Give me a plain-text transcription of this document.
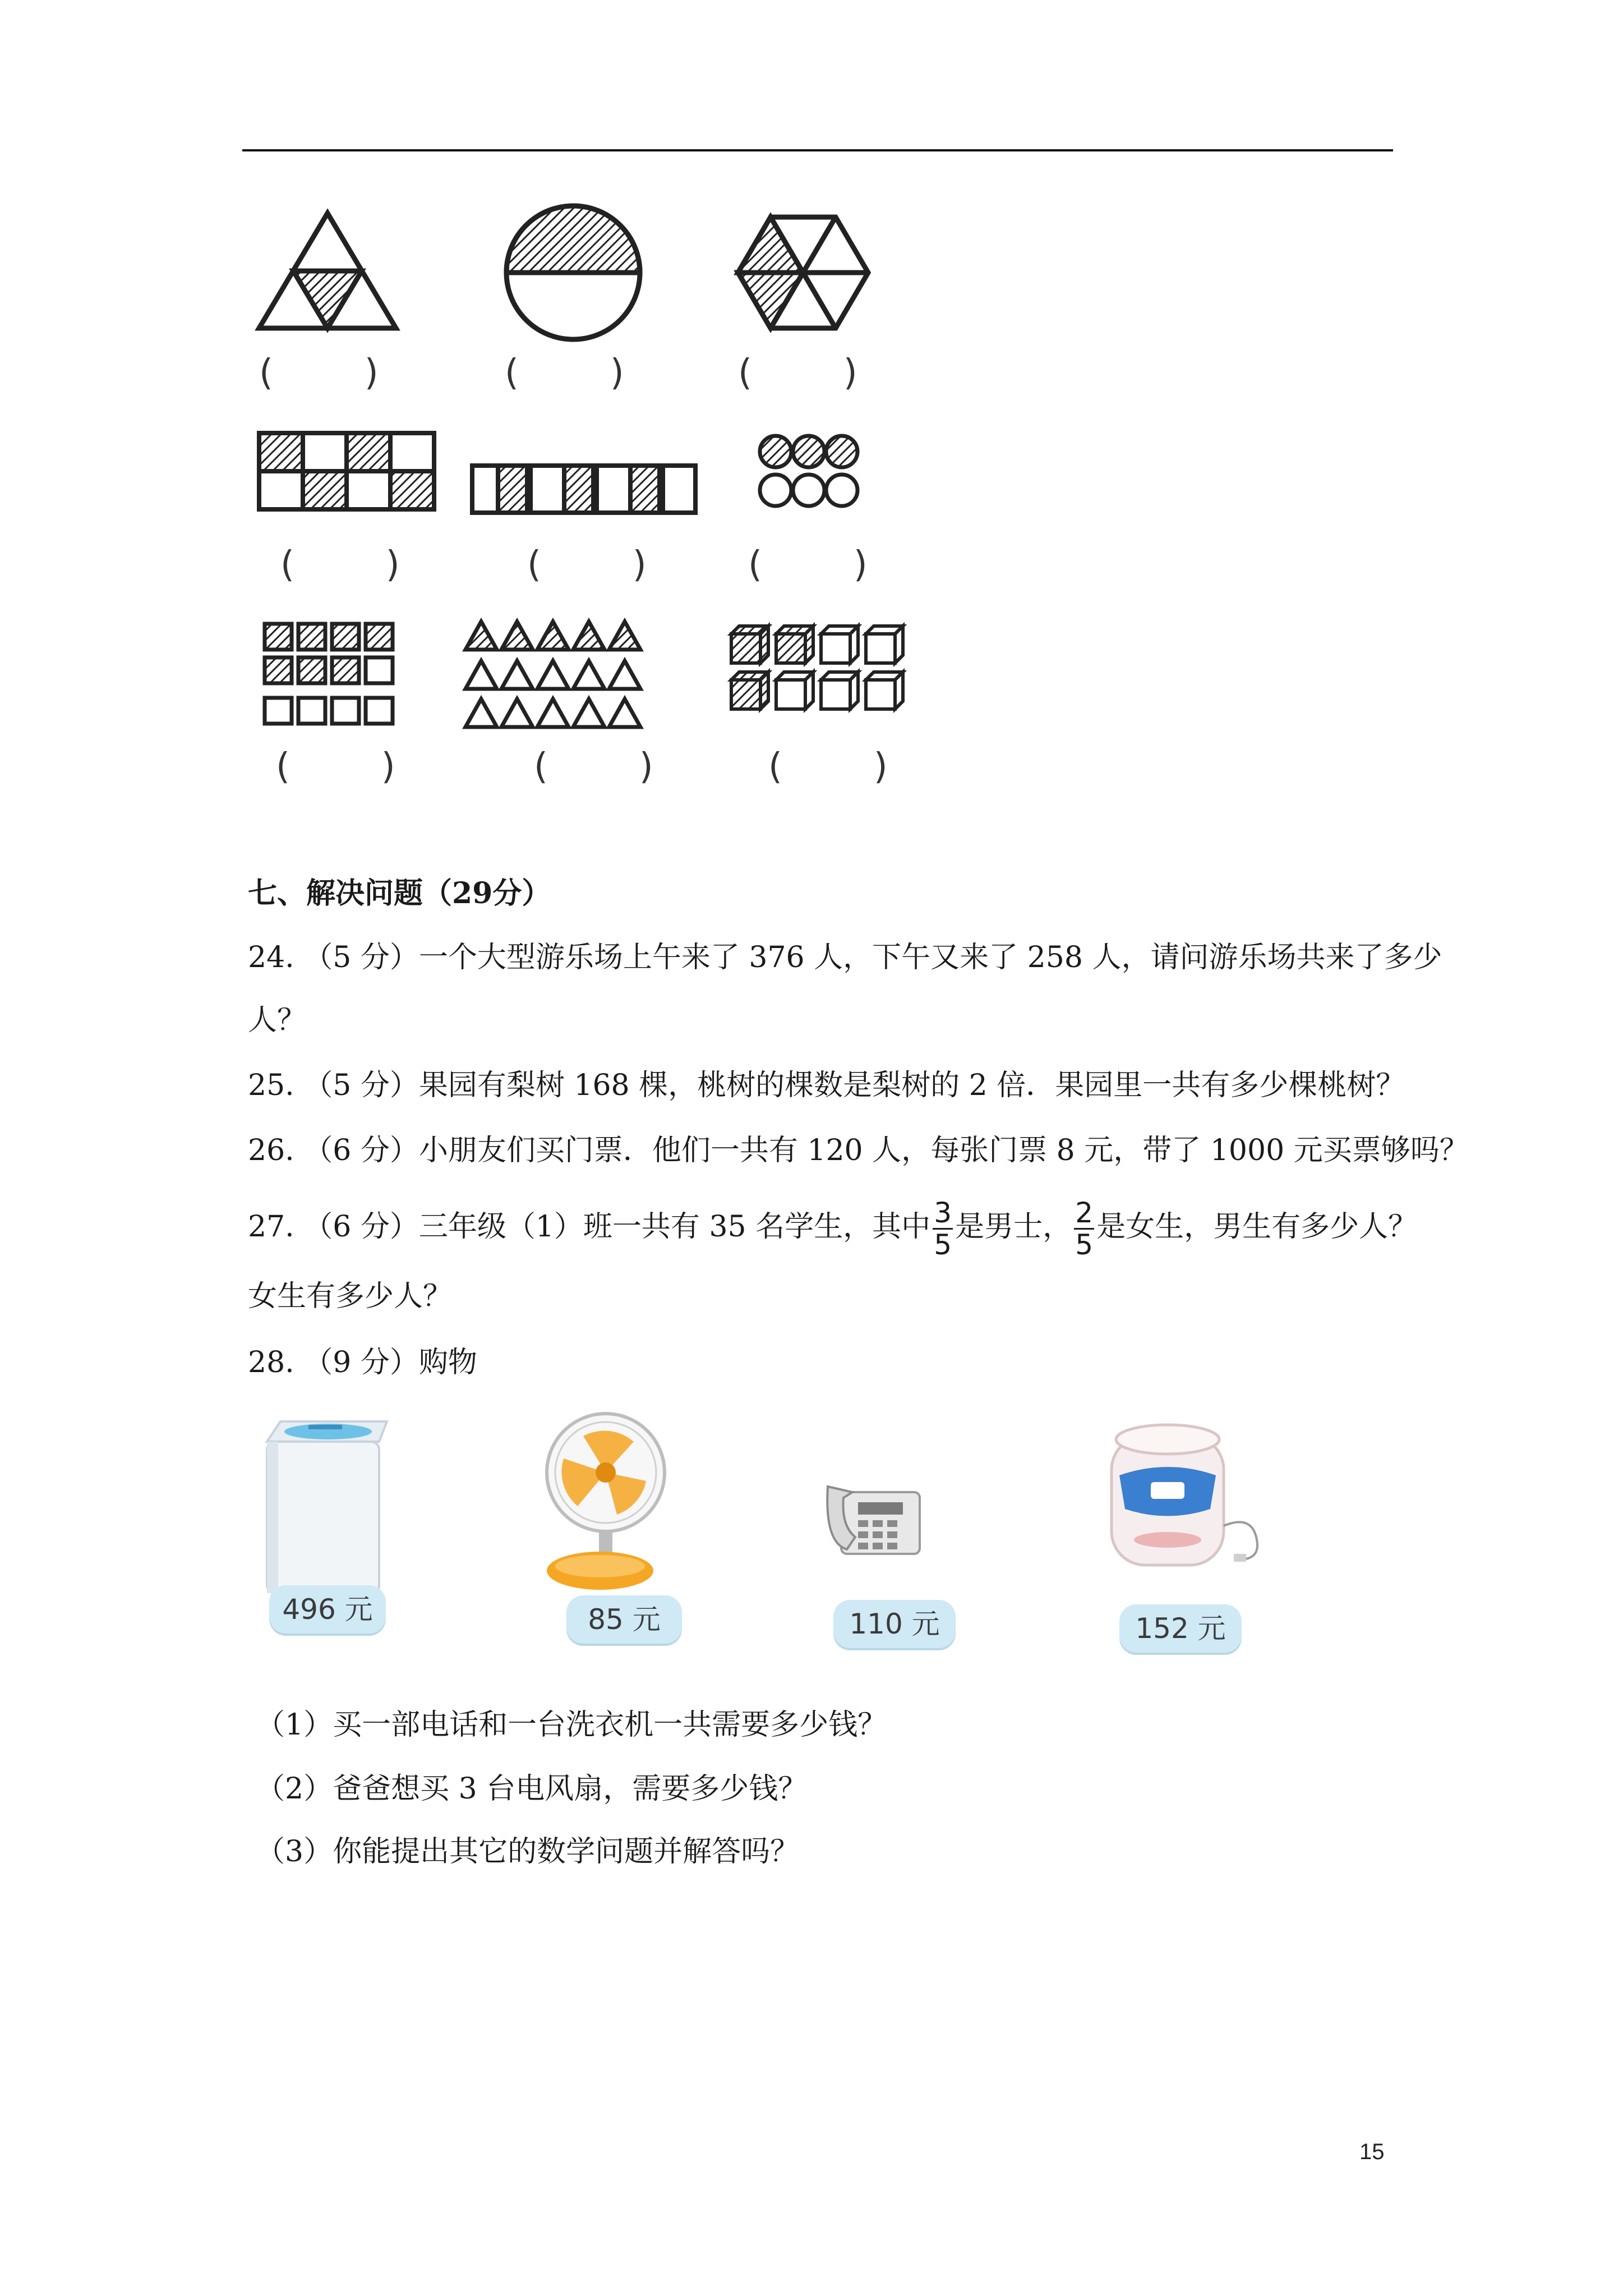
(        )	(        )	(        )
(        )	(        )	(        )
(        )	(        )	(        )
七、解决问题（29分）
24. （5 分）一个大型游乐场上午来了 376 人，下午又来了 258 人，请问游乐场共来了多少
人？
25. （5 分）果园有梨树 168 棵，桃树的棵数是梨树的 2 倍．果园里一共有多少棵桃树？
26. （6 分）小朋友们买门票．他们一共有 120 人，每张门票 8 元，带了 1000 元买票够吗？
27. （6 分）三年级（1）班一共有 35 名学生，其中 $\frac{3}{5}$ 是男士， $\frac{2}{5}$ 是女生，男生有多少人？
女生有多少人？
28. （9 分）购物
496 元	85 元	110 元	152 元
（1）买一部电话和一台洗衣机一共需要多少钱？
（2）爸爸想买 3 台电风扇，需要多少钱？
（3）你能提出其它的数学问题并解答吗？
15
